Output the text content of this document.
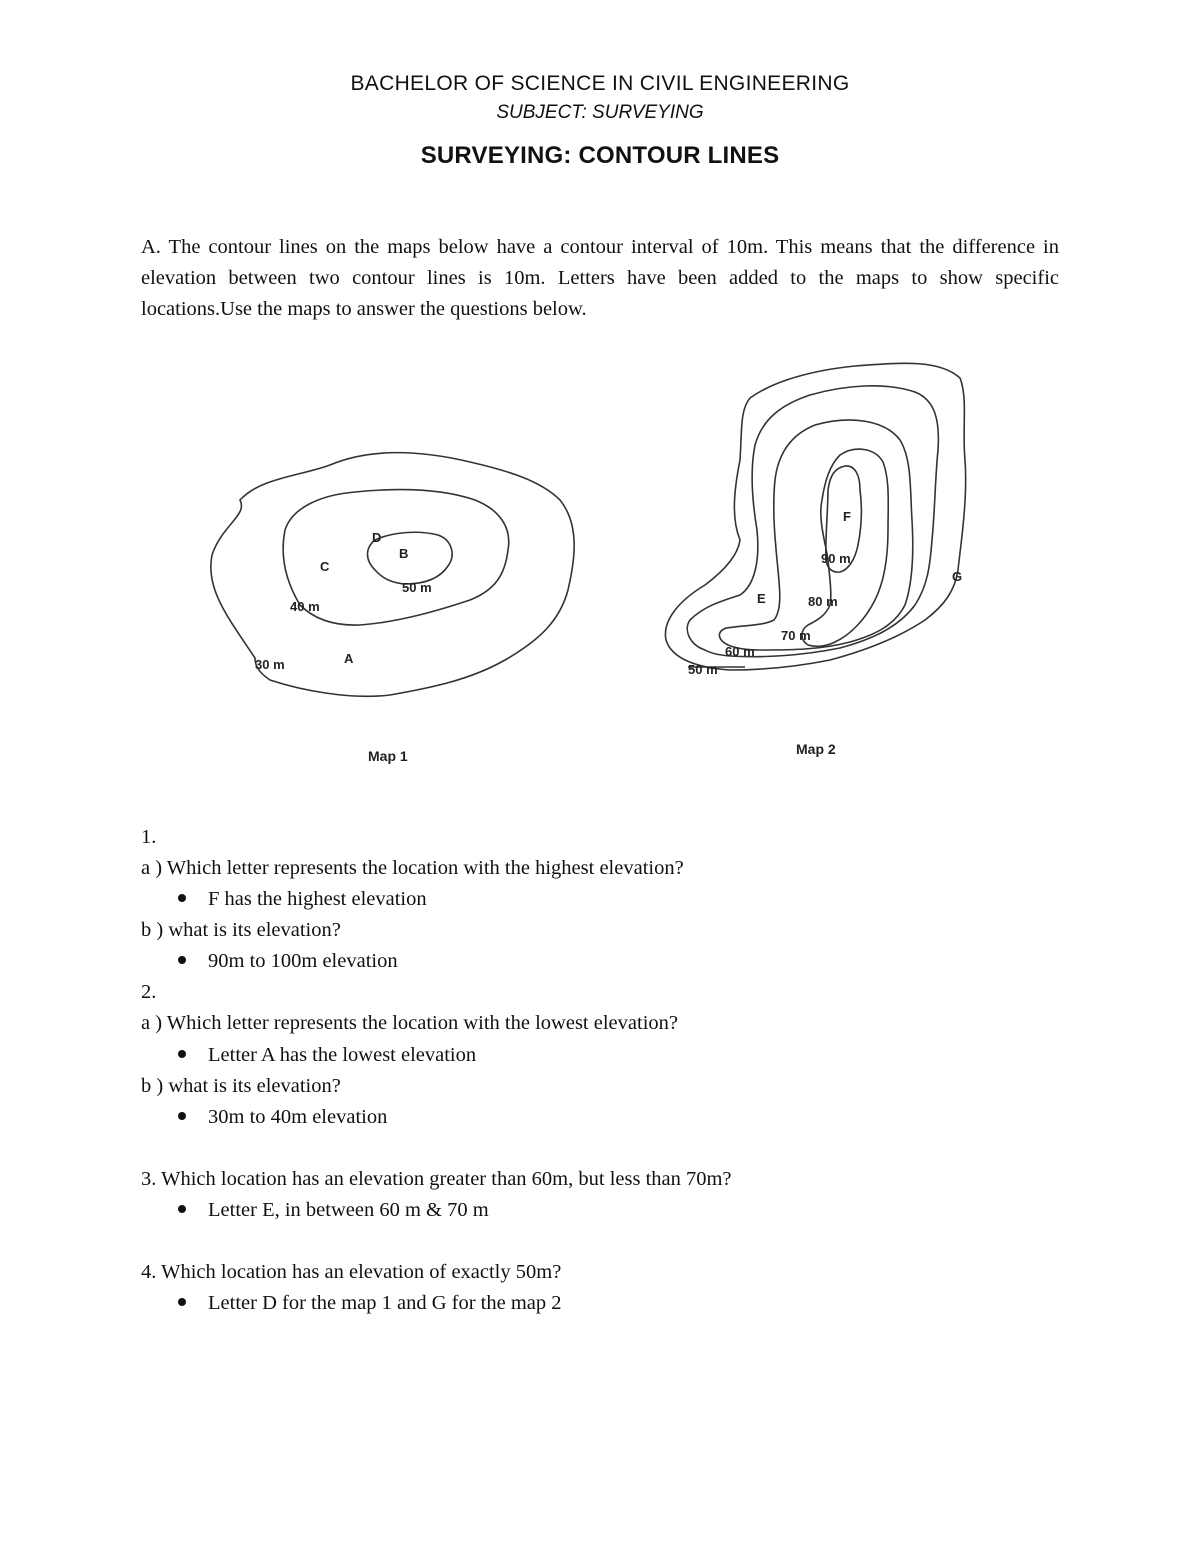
BACHELOR OF SCIENCE IN CIVIL ENGINEERING
SUBJECT: SURVEYING
SURVEYING: CONTOUR LINES

A. The contour lines on the maps below have a contour interval of 10m. This means that the difference in elevation between two contour lines is 10m. Letters have been added to the maps to show specific locations.Use the maps to answer the questions below.

30 m
40 m
50 m
A
B
C
D
Map 1
50 m
60 m
70 m
80 m
90 m
E
F
G
Map 2

1.

a ) Which letter represents the location with the highest elevation?

F has the highest elevation

b ) what is its elevation?

90m to 100m elevation

2.

a ) Which letter represents the location with the lowest elevation?

Letter A has the lowest elevation

b ) what is its elevation?

30m to 40m elevation

3. Which location has an elevation greater than 60m, but less than 70m?

Letter E, in between 60 m & 70 m

4. Which location has an elevation of exactly 50m?

Letter D for the map 1 and G for the map 2
